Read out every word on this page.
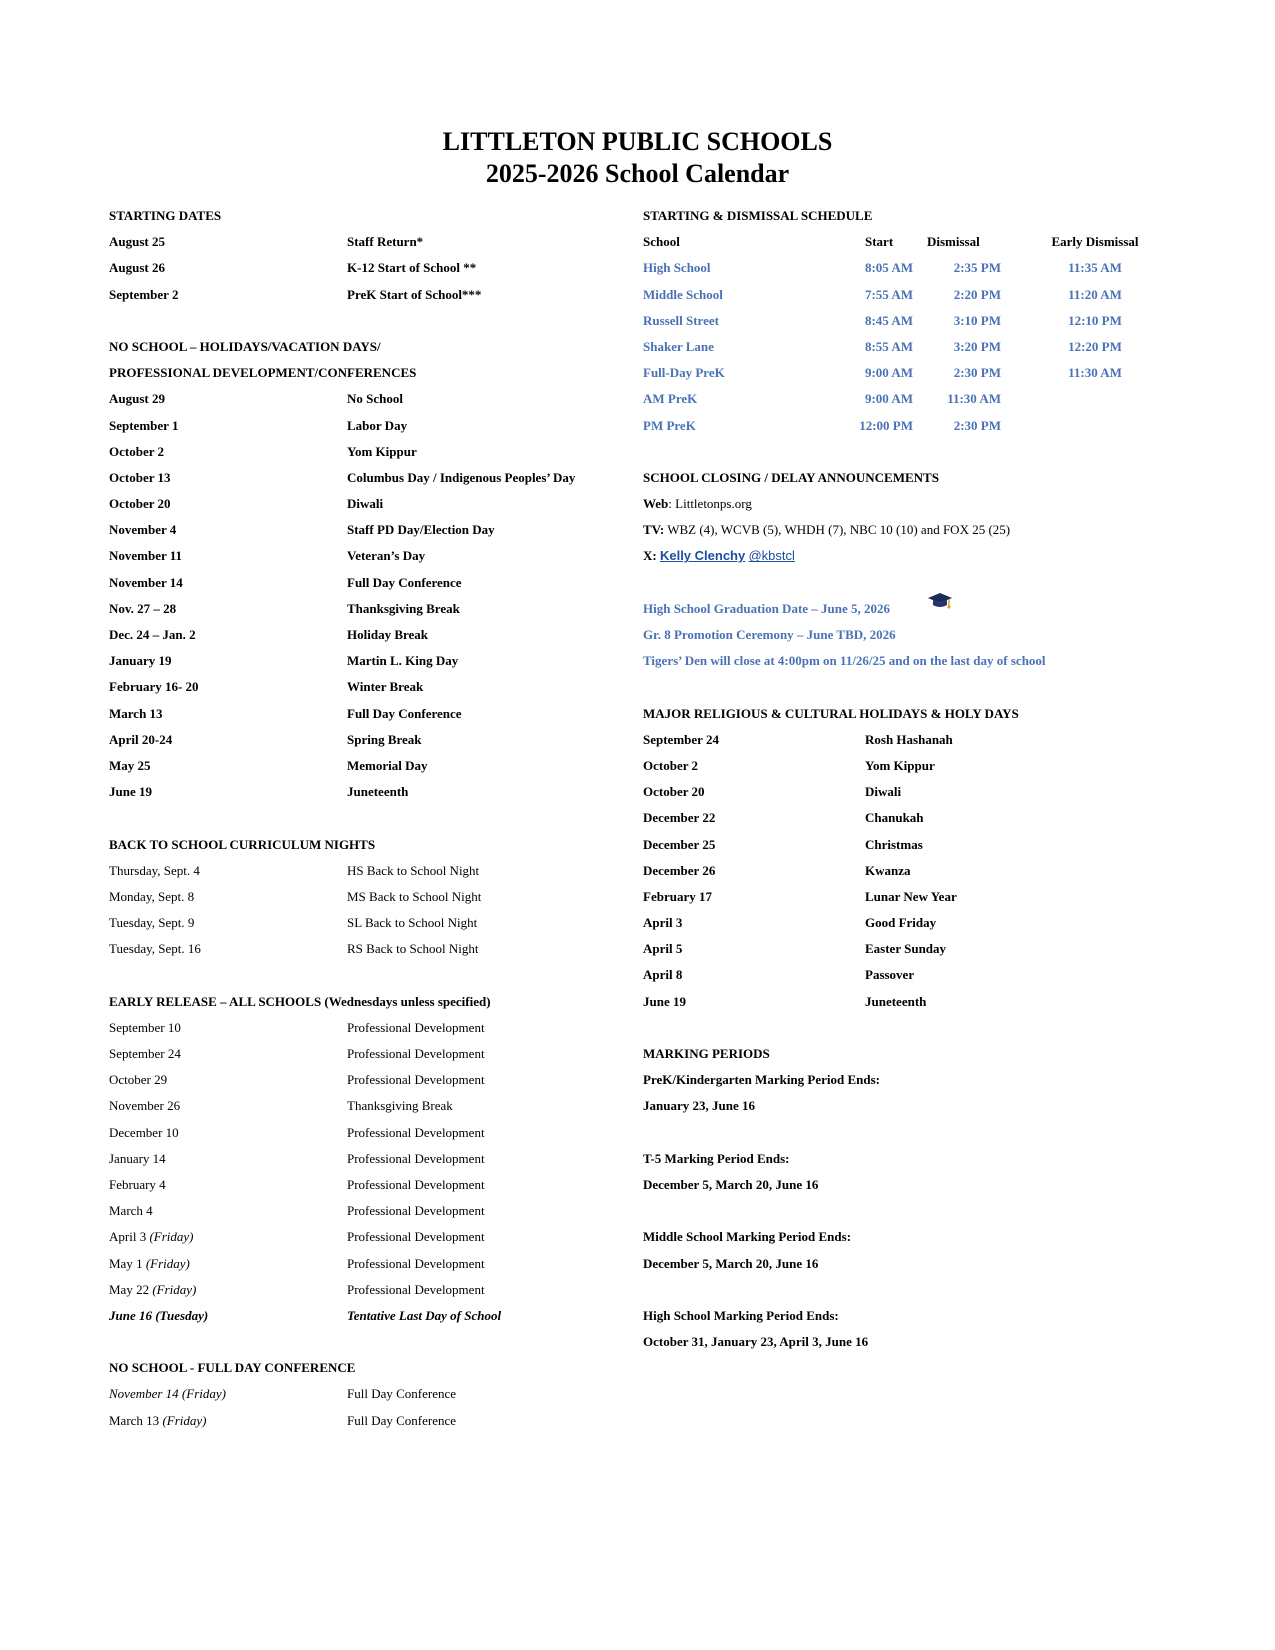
LITTLETON PUBLIC SCHOOLS
2025-2026 School Calendar
STARTING DATES
August 25	Staff Return*
August 26	K-12 Start of School **
September 2	PreK Start of School***
NO SCHOOL – HOLIDAYS/VACATION DAYS/
PROFESSIONAL DEVELOPMENT/CONFERENCES
August 29	No School
September 1	Labor Day
October 2	Yom Kippur
October 13	Columbus Day / Indigenous Peoples’ Day
October 20	Diwali
November 4	Staff PD Day/Election Day
November 11	Veteran’s Day
November 14	Full Day Conference
Nov. 27 – 28	Thanksgiving Break
Dec. 24 – Jan. 2	Holiday Break
January 19	Martin L. King Day
February 16- 20	Winter Break
March 13	Full Day Conference
April 20-24	Spring Break
May 25	Memorial Day
June 19	Juneteenth
BACK TO SCHOOL CURRICULUM NIGHTS
Thursday, Sept. 4	HS Back to School Night
Monday, Sept. 8	MS Back to School Night
Tuesday, Sept. 9	SL Back to School Night
Tuesday, Sept. 16	RS Back to School Night
EARLY RELEASE – ALL SCHOOLS (Wednesdays unless specified)
September 10	Professional Development
September 24	Professional Development
October 29	Professional Development
November 26	Thanksgiving Break
December 10	Professional Development
January 14	Professional Development
February 4	Professional Development
March 4	Professional Development
April 3 (Friday)	Professional Development
May 1 (Friday)	Professional Development
May 22 (Friday)	Professional Development
June 16 (Tuesday)	Tentative Last Day of School
NO SCHOOL - FULL DAY CONFERENCE
November 14 (Friday)	Full Day Conference
March 13 (Friday)	Full Day Conference
STARTING & DISMISSAL SCHEDULE
School	Start	Dismissal	Early Dismissal
High School	8:05 AM	2:35 PM	11:35 AM
Middle School	7:55 AM	2:20 PM	11:20 AM
Russell Street	8:45 AM	3:10 PM	12:10 PM
Shaker Lane	8:55 AM	3:20 PM	12:20 PM
Full-Day PreK	9:00 AM	2:30 PM	11:30 AM
AM PreK	9:00 AM	11:30 AM
PM PreK	12:00 PM	2:30 PM
SCHOOL CLOSING / DELAY ANNOUNCEMENTS
Web: Littletonps.org
TV: WBZ (4), WCVB (5), WHDH (7), NBC 10 (10) and FOX 25 (25)
X: Kelly Clenchy @kbstcl
High School Graduation Date – June 5, 2026
Gr. 8 Promotion Ceremony – June TBD, 2026
Tigers’ Den will close at 4:00pm on 11/26/25 and on the last day of school
MAJOR RELIGIOUS & CULTURAL HOLIDAYS & HOLY DAYS
September 24	Rosh Hashanah
October 2	Yom Kippur
October 20	Diwali
December 22	Chanukah
December 25	Christmas
December 26	Kwanza
February 17	Lunar New Year
April 3	Good Friday
April 5	Easter Sunday
April 8	Passover
June 19	Juneteenth
MARKING PERIODS
PreK/Kindergarten Marking Period Ends:
January 23, June 16
T-5 Marking Period Ends:
December 5, March 20, June 16
Middle School Marking Period Ends:
December 5, March 20, June 16
High School Marking Period Ends:
October 31, January 23, April 3, June 16
